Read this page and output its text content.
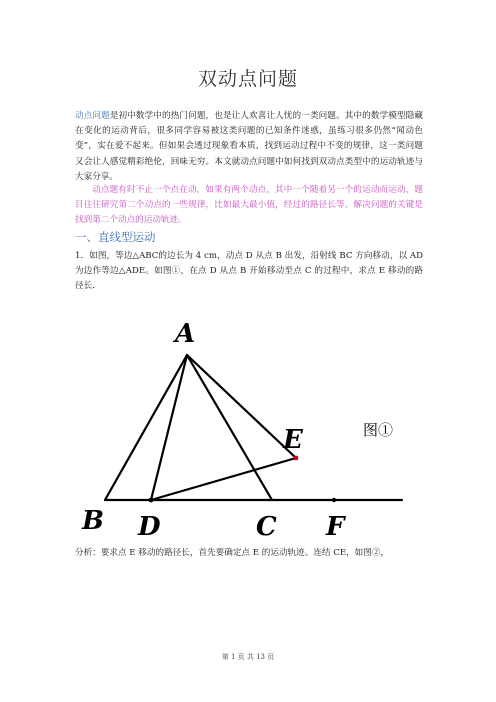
双动点问题
动点问题是初中数学中的热门问题，也是让人欢喜让人忧的一类问题。其中的数学模型隐藏在变化的运动背后，很多同学容易被这类问题的已知条件迷惑，虽练习很多仍然“闻动色变”，实在爱不起来。但如果会透过现象看本质，找到运动过程中不变的规律，这一类问题又会让人感觉精彩绝伦，回味无穷。本文就动点问题中如何找到双动点类型中的运动轨迹与大家分享。
动点题有时不止一个点在动，如果有两个动点，其中一个随着另一个的运动而运动，题目往往研究第二个动点的一些规律，比如最大最小值，经过的路径长等。解决问题的关键是找到第二个动点的运动轨迹。
一、直线型运动
1．如图，等边△ABC的边长为 4 cm，动点 D 从点 B 出发，沿射线 BC 方向移动，以 AD 为边作等边△ADE。如图①，在点 D 从点 B 开始移动至点 C 的过程中，求点 E 移动的路径长．
A
B	C
D
E
F
图①
分析：要求点 E 移动的路径长，首先要确定点 E 的运动轨迹。连结 CE，如图②，
第 1 页 共 13 页
